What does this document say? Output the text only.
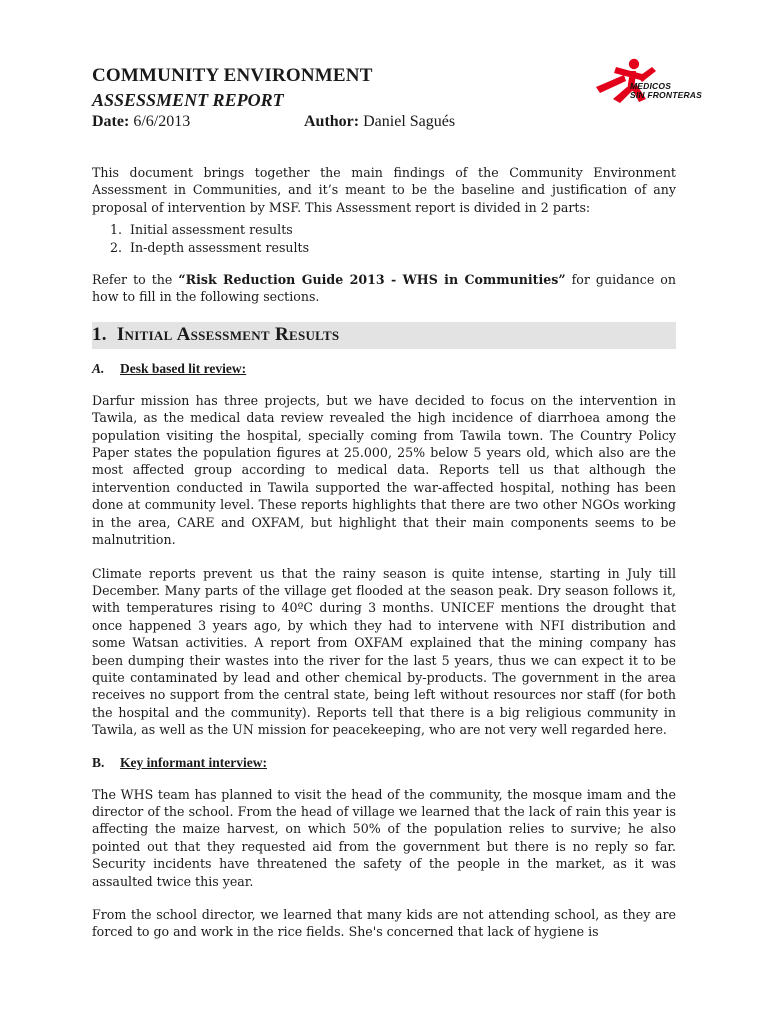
MEDICOS
SIN FRONTERAS
COMMUNITY ENVIRONMENT
ASSESSMENT REPORT
Date: 6/6/2013	Author: Daniel Sagués

This document brings together the main findings of the Community Environment Assessment in Communities, and it’s meant to be the baseline and justification of any proposal of intervention by MSF. This Assessment report is divided in 2 parts:

1. Initial assessment results
2. In-depth assessment results

Refer to the “Risk Reduction Guide 2013 - WHS in Communities” for guidance on how to fill in the following sections.

1. Initial Assessment Results
A.	Desk based lit review:

Darfur mission has three projects, but we have decided to focus on the intervention in Tawila, as the medical data review revealed the high incidence of diarrhoea among the population visiting the hospital, specially coming from Tawila town. The Country Policy Paper states the population figures at 25.000, 25% below 5 years old, which also are the most affected group according to medical data. Reports tell us that although the intervention conducted in Tawila supported the war-affected hospital, nothing has been done at community level. These reports highlights that there are two other NGOs working in the area, CARE and OXFAM, but highlight that their main components seems to be malnutrition.

Climate reports prevent us that the rainy season is quite intense, starting in July till December. Many parts of the village get flooded at the season peak. Dry season follows it, with temperatures rising to 40ºC during 3 months. UNICEF mentions the drought that once happened 3 years ago, by which they had to intervene with NFI distribution and some Watsan activities. A report from OXFAM explained that the mining company has been dumping their wastes into the river for the last 5 years, thus we can expect it to be quite contaminated by lead and other chemical by-products. The government in the area receives no support from the central state, being left without resources nor staff (for both the hospital and the community). Reports tell that there is a big religious community in Tawila, as well as the UN mission for peacekeeping, who are not very well regarded here.

B.	Key informant interview:

The WHS team has planned to visit the head of the community, the mosque imam and the director of the school. From the head of village we learned that the lack of rain this year is affecting the maize harvest, on which 50% of the population relies to survive; he also pointed out that they requested aid from the government but there is no reply so far. Security incidents have threatened the safety of the people in the market, as it was assaulted twice this year.

From the school director, we learned that many kids are not attending school, as they are forced to go and work in the rice fields. She's concerned that lack of hygiene is
